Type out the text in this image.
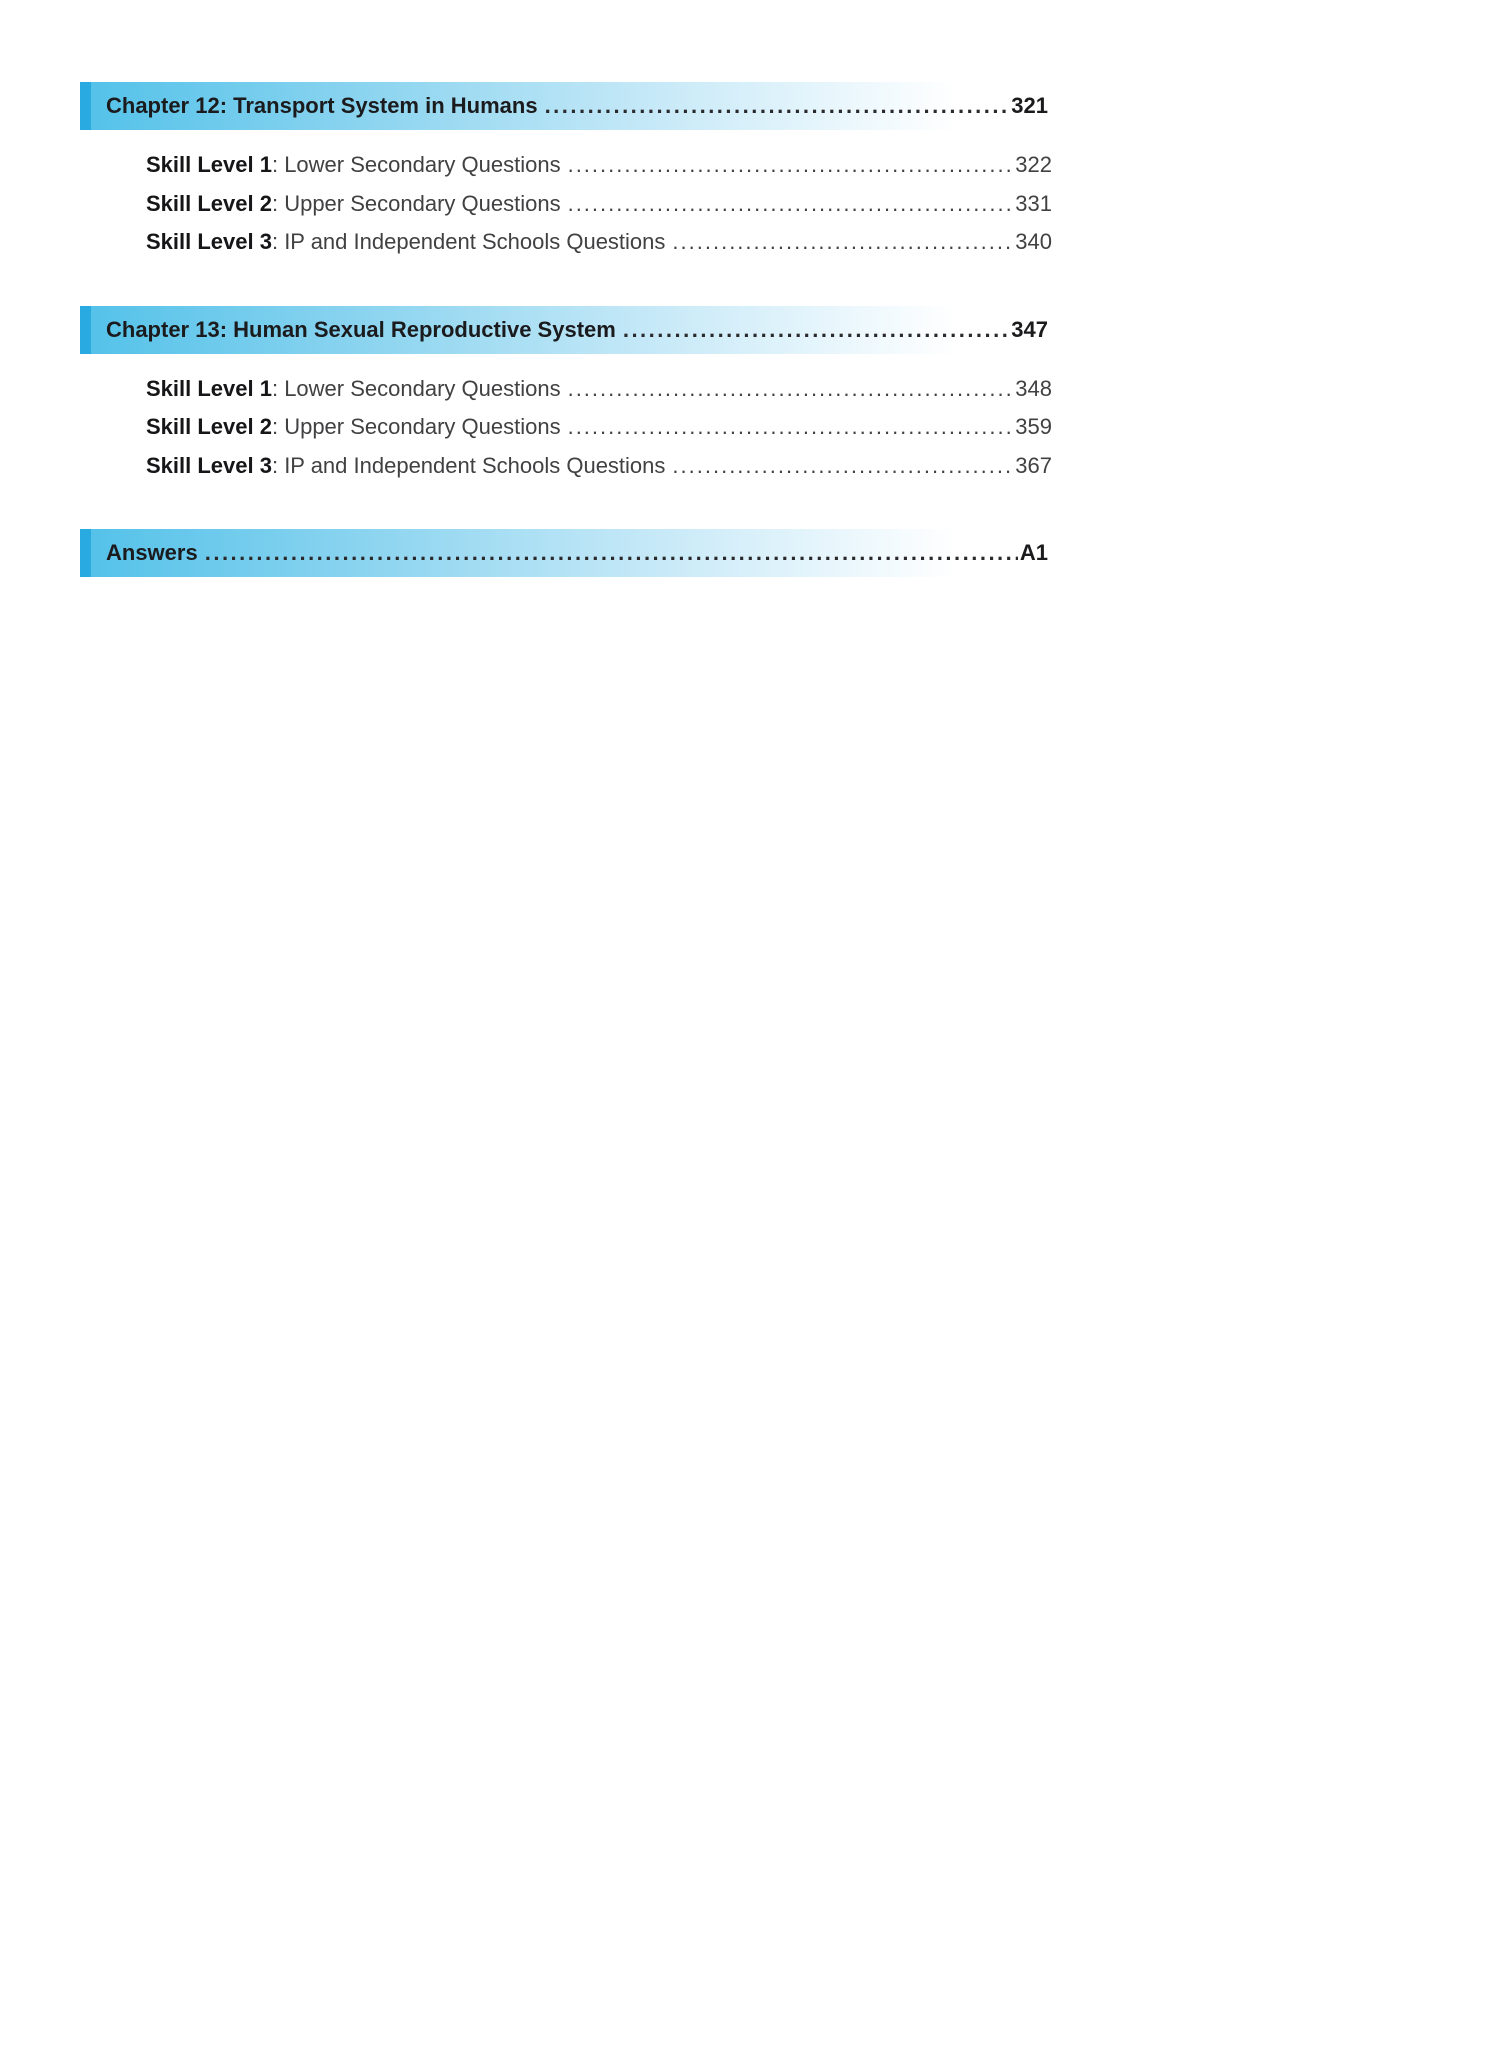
Chapter 12: Transport System in Humans .....	321
Skill Level 1: Lower Secondary Questions .....	322
Skill Level 2: Upper Secondary Questions .....	331
Skill Level 3: IP and Independent Schools Questions .....	340
Chapter 13: Human Sexual Reproductive System .....	347
Skill Level 1: Lower Secondary Questions .....	348
Skill Level 2: Upper Secondary Questions .....	359
Skill Level 3: IP and Independent Schools Questions .....	367
Answers .....	A1
